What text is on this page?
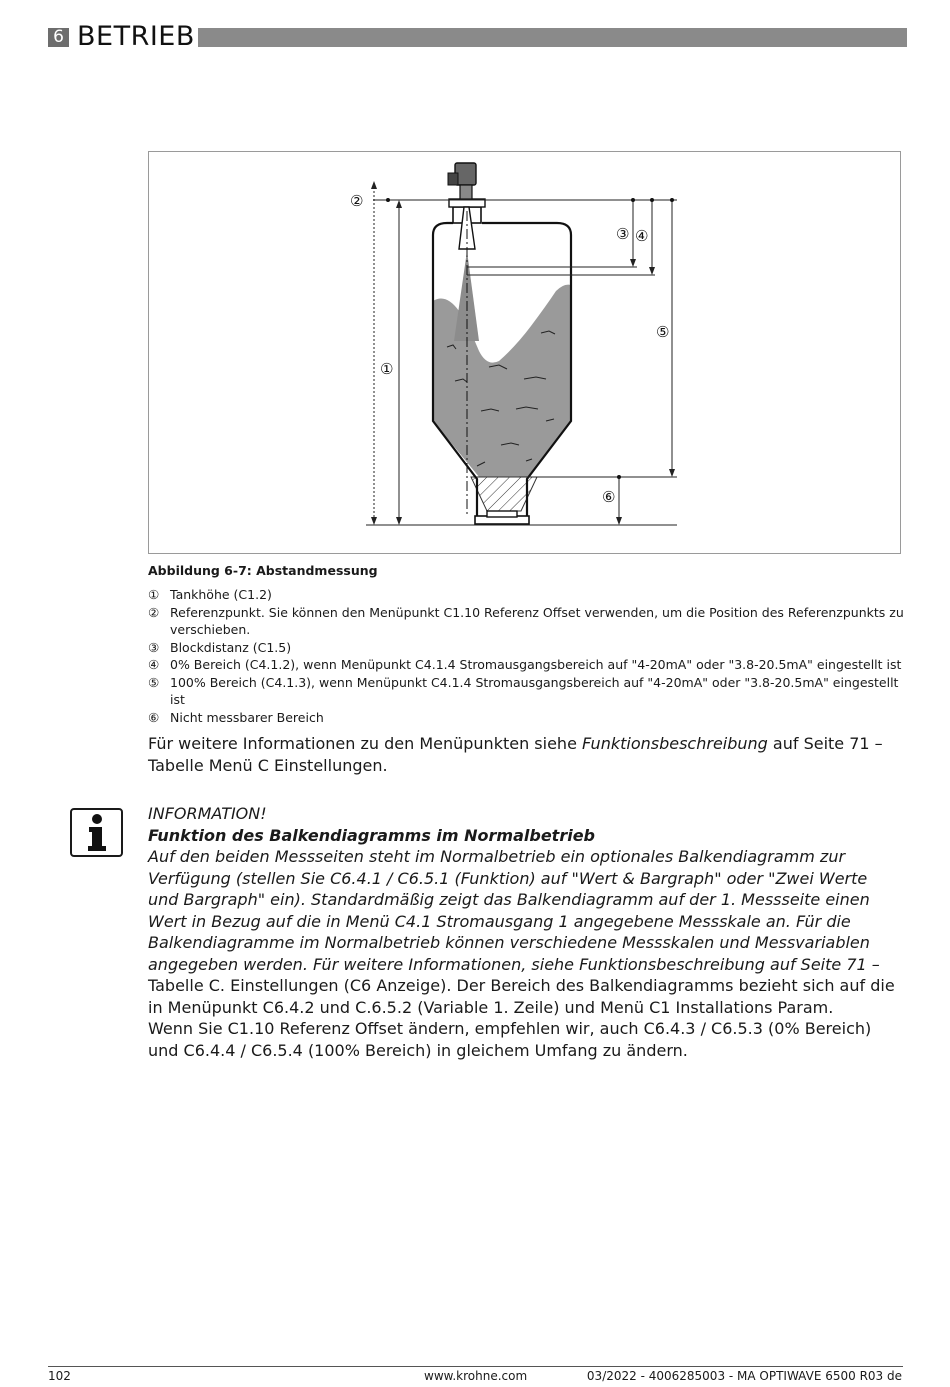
6 BETRIEB
OPTIWAVE 6500 C
②
①
③ ④
⑤
⑥
Abbildung 6-7: Abstandmessung
① Tankhöhe (C1.2)
② Referenzpunkt. Sie können den Menüpunkt C1.10 Referenz Offset verwenden, um die Position des Referenzpunkts zu verschieben.
③ Blockdistanz (C1.5)
④ 0% Bereich (C4.1.2), wenn Menüpunkt C4.1.4 Stromausgangsbereich auf "4-20mA" oder "3.8-20.5mA" eingestellt ist
⑤ 100% Bereich (C4.1.3), wenn Menüpunkt C4.1.4 Stromausgangsbereich auf "4-20mA" oder "3.8-20.5mA" eingestellt ist
⑥ Nicht messbarer Bereich
Für weitere Informationen zu den Menüpunkten siehe Funktionsbeschreibung auf Seite 71 – Tabelle Menü C Einstellungen.
INFORMATION!
Funktion des Balkendiagramms im Normalbetrieb
Auf den beiden Messseiten steht im Normalbetrieb ein optionales Balkendiagramm zur Verfügung (stellen Sie C6.4.1 / C6.5.1 (Funktion) auf "Wert & Bargraph" oder "Zwei Werte und Bargraph" ein). Standardmäßig zeigt das Balkendiagramm auf der 1. Messseite einen Wert in Bezug auf die in Menü C4.1 Stromausgang 1 angegebene Messskale an. Für die Balkendiagramme im Normalbetrieb können verschiedene Messskalen und Messvariablen angegeben werden. Für weitere Informationen, siehe Funktionsbeschreibung auf Seite 71 –
Tabelle C. Einstellungen (C6 Anzeige). Der Bereich des Balkendiagramms bezieht sich auf die in Menüpunkt C6.4.2 und C.6.5.2 (Variable 1. Zeile) und Menü C1 Installations Param.
Wenn Sie C1.10 Referenz Offset ändern, empfehlen wir, auch C6.4.3 / C6.5.3 (0% Bereich) und C6.4.4 / C6.5.4 (100% Bereich) in gleichem Umfang zu ändern.
102	www.krohne.com	03/2022 - 4006285003 - MA OPTIWAVE 6500 R03 de
